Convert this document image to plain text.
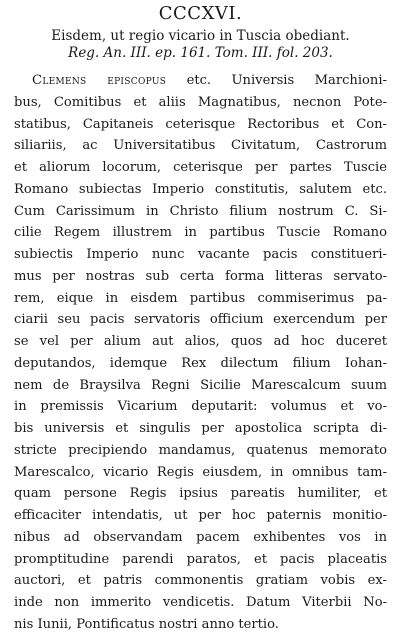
CCCXVI.
Eisdem, ut regio vicario in Tuscia obediant.
Reg. An. III. ep. 161. Tom. III. fol. 203.
Clemens episcopus etc. Universis Marchioni-
bus, Comitibus et aliis Magnatibus, necnon Pote-
statibus, Capitaneis ceterisque Rectoribus et Con-
siliariis, ac Universitatibus Civitatum, Castrorum
et aliorum locorum, ceterisque per partes Tuscie
Romano subiectas Imperio constitutis, salutem etc.
Cum Carissimum in Christo filium nostrum C. Si-
cilie Regem illustrem in partibus Tuscie Romano
subiectis Imperio nunc vacante pacis constitueri-
mus per nostras sub certa forma litteras servato-
rem, eique in eisdem partibus commiserimus pa-
ciarii seu pacis servatoris officium exercendum per
se vel per alium aut alios, quos ad hoc duceret
deputandos, idemque Rex dilectum filium Iohan-
nem de Braysilva Regni Sicilie Marescalcum suum
in premissis Vicarium deputarit: volumus et vo-
bis universis et singulis per apostolica scripta di-
stricte precipiendo mandamus, quatenus memorato
Marescalco, vicario Regis eiusdem, in omnibus tam-
quam persone Regis ipsius pareatis humiliter, et
efficaciter intendatis, ut per hoc paternis monitio-
nibus ad observandam pacem exhibentes vos in
promptitudine parendi paratos, et pacis placeatis
auctori, et patris commonentis gratiam vobis ex-
inde non immerito vendicetis. Datum Viterbii No-
nis Iunii, Pontificatus nostri anno tertio.
